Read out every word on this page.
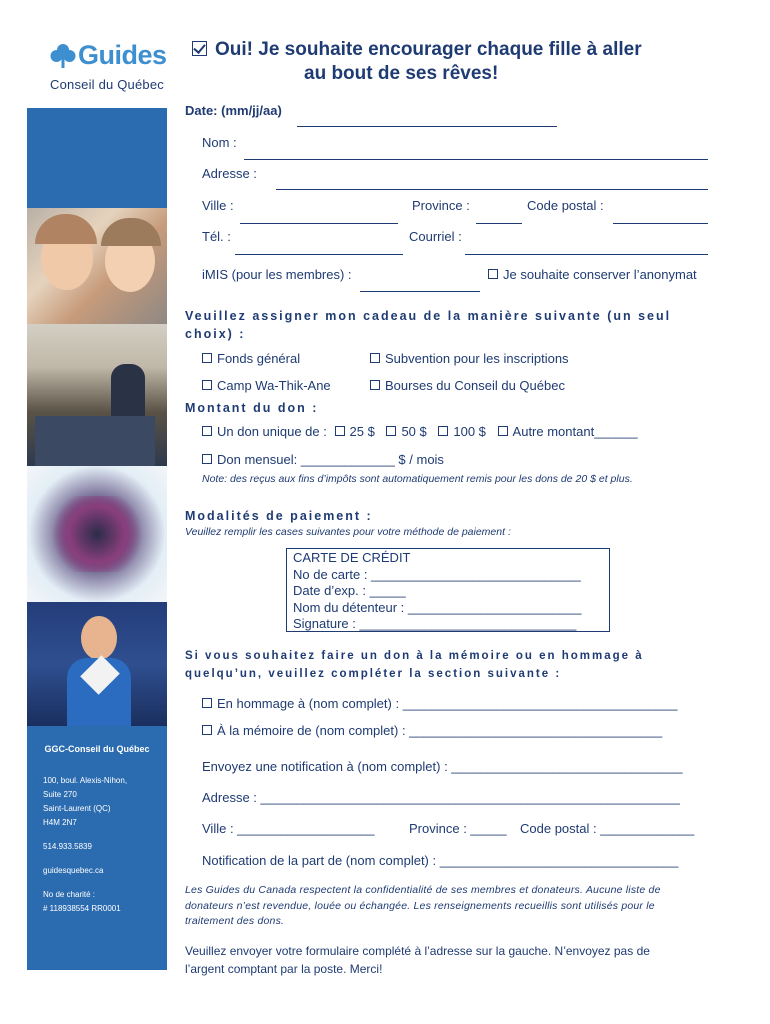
Guides
Conseil du Québec
GGC-Conseil du Québec
100, boul. Alexis-Nihon,
Suite 270
Saint-Laurent (QC)
H4M 2N7
514.933.5839
guidesquebec.ca
No de charité :
# 118938554 RR0001
Oui! Je souhaite encourager chaque fille à aller
au bout de ses rêves!
Date: (mm/jj/aa)
Nom :
Adresse :
Ville :	Province :	Code postal :
Tél. :	Courriel :
iMIS (pour les membres) :	Je souhaite conserver l’anonymat
Veuillez assigner mon cadeau de la manière suivante (un seul
choix) :
Fonds général	Subvention pour les inscriptions
Camp Wa-Thik-Ane	Bourses du Conseil du Québec
Montant du don :
Un don unique de : 25 $ 50 $ 100 $ Autre montant______
Don mensuel: _____________ $ / mois
Note: des reçus aux fins d’impôts sont automatiquement remis pour les dons de 20 $ et plus.
Modalités de paiement :
Veuillez remplir les cases suivantes pour votre méthode de paiement :
CARTE DE CRÉDIT
No de carte : _____________________________
Date d’exp. : _____
Nom du détenteur : ________________________
Signature : ______________________________
Si vous souhaitez faire un don à la mémoire ou en hommage à
quelqu’un, veuillez compléter la section suivante :
En hommage à (nom complet) : ______________________________________
À la mémoire de (nom complet) : ___________________________________
Envoyez une notification à (nom complet) : ________________________________
Adresse : __________________________________________________________
Ville : ___________________	Province : _____ Code postal : _____________
Notification de la part de (nom complet) : _________________________________
Les Guides du Canada respectent la confidentialité de ses membres et donateurs. Aucune liste de donateurs n’est revendue, louée ou échangée. Les renseignements recueillis sont utilisés pour le traitement des dons.
Veuillez envoyer votre formulaire complété à l’adresse sur la gauche. N’envoyez pas de l’argent comptant par la poste. Merci!
